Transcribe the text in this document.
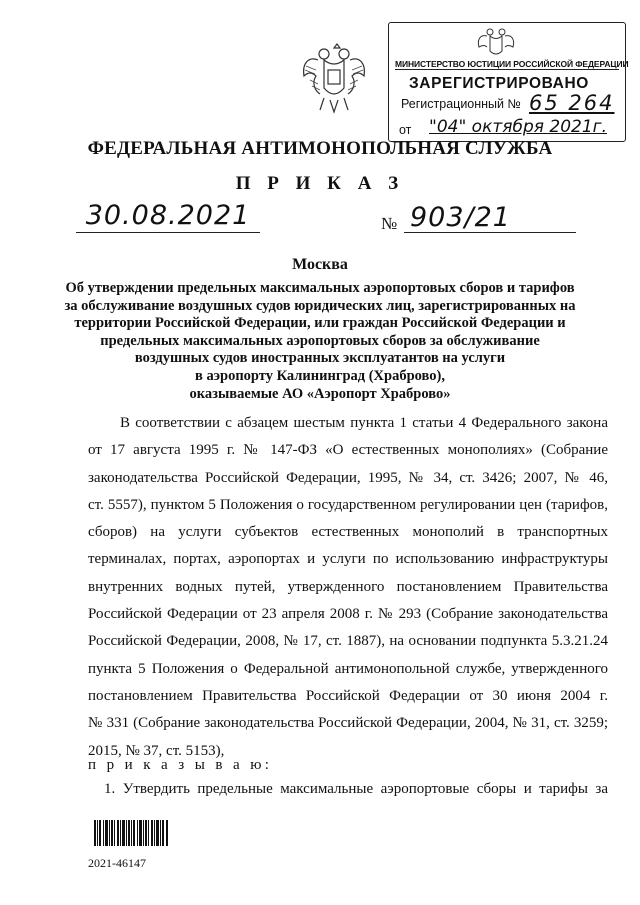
МИНИСТЕРСТВО ЮСТИЦИИ РОССИЙСКОЙ ФЕДЕРАЦИИ
ЗАРЕГИСТРИРОВАНО
Регистрационный № 65 264
от "04" октября 2021г.
ФЕДЕРАЛЬНАЯ АНТИМОНОПОЛЬНАЯ СЛУЖБА
П Р И К А З
30.08.2021	№ 903/21
Москва
Об утверждении предельных максимальных аэропортовых сборов и тарифов
за обслуживание воздушных судов юридических лиц, зарегистрированных на
территории Российской Федерации, или граждан Российской Федерации и
предельных максимальных аэропортовых сборов за обслуживание
воздушных судов иностранных эксплуатантов на услуги
в аэропорту Калининград (Храброво),
оказываемые АО «Аэропорт Храброво»
В соответствии с абзацем шестым пункта 1 статьи 4 Федерального закона
от 17 августа 1995 г. № 147-ФЗ «О естественных монополиях» (Собрание
законодательства Российской Федерации, 1995, № 34, ст. 3426; 2007, № 46,
ст. 5557), пунктом 5 Положения о государственном регулировании цен (тарифов,
сборов) на услуги субъектов естественных монополий в транспортных
терминалах, портах, аэропортах и услуги по использованию инфраструктуры
внутренних водных путей, утвержденного постановлением Правительства
Российской Федерации от 23 апреля 2008 г. № 293 (Собрание законодательства
Российской Федерации, 2008, № 17, ст. 1887), на основании подпункта 5.3.21.24
пункта 5 Положения о Федеральной антимонопольной службе, утвержденного
постановлением Правительства Российской Федерации от 30 июня 2004 г.
№ 331 (Собрание законодательства Российской Федерации, 2004, № 31, ст. 3259;
2015, № 37, ст. 5153),
п р и к а з ы в а ю:
1. Утвердить предельные максимальные аэропортовые сборы и тарифы за
2021-46147
